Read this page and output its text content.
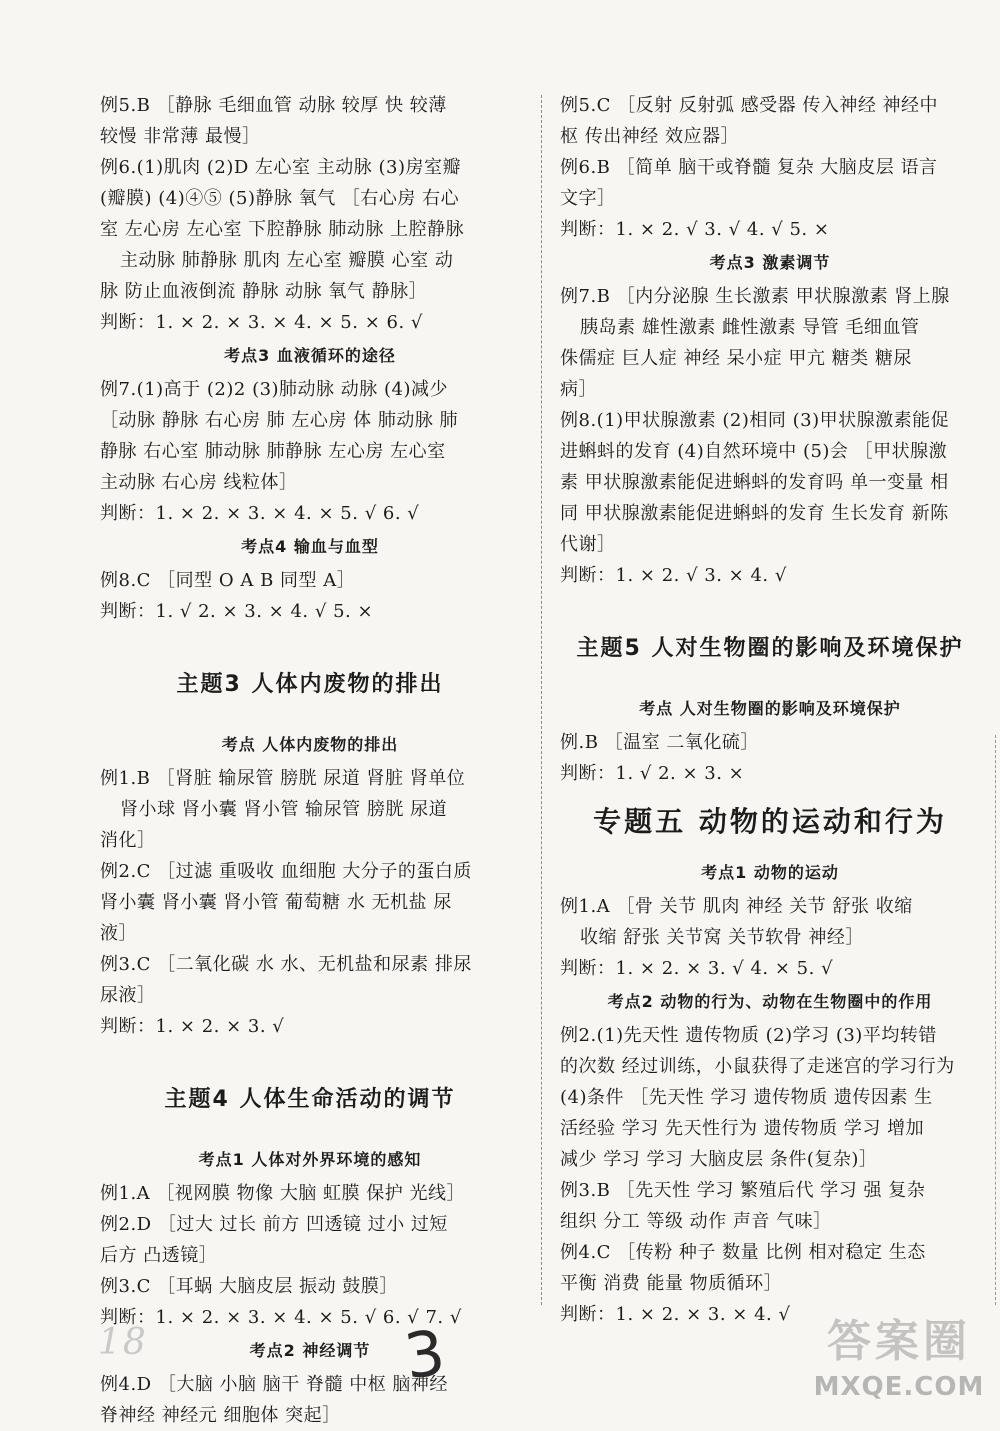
例5.B ［静脉 毛细血管 动脉 较厚 快 较薄
较慢 非常薄 最慢］
例6.(1)肌肉 (2)D 左心室 主动脉 (3)房室瓣
(瓣膜) (4)④⑤ (5)静脉 氧气 ［右心房 右心
室 左心房 左心室 下腔静脉 肺动脉 上腔静脉
主动脉 肺静脉 肌肉 左心室 瓣膜 心室 动
脉 防止血液倒流 静脉 动脉 氧气 静脉］
判断：1. × 2. × 3. × 4. × 5. × 6. √
考点3 血液循环的途径
例7.(1)高于 (2)2 (3)肺动脉 动脉 (4)减少
［动脉 静脉 右心房 肺 左心房 体 肺动脉 肺
静脉 右心室 肺动脉 肺静脉 左心房 左心室
主动脉 右心房 线粒体］
判断：1. × 2. × 3. × 4. × 5. √ 6. √
考点4 输血与血型
例8.C ［同型 O A B 同型 A］
判断：1. √ 2. × 3. × 4. √ 5. ×
主题3 人体内废物的排出
考点 人体内废物的排出
例1.B ［肾脏 输尿管 膀胱 尿道 肾脏 肾单位
肾小球 肾小囊 肾小管 输尿管 膀胱 尿道
消化］
例2.C ［过滤 重吸收 血细胞 大分子的蛋白质
肾小囊 肾小囊 肾小管 葡萄糖 水 无机盐 尿
液］
例3.C ［二氧化碳 水 水、无机盐和尿素 排尿
尿液］
判断：1. × 2. × 3. √
主题4 人体生命活动的调节
考点1 人体对外界环境的感知
例1.A ［视网膜 物像 大脑 虹膜 保护 光线］
例2.D ［过大 过长 前方 凹透镜 过小 过短
后方 凸透镜］
例3.C ［耳蜗 大脑皮层 振动 鼓膜］
判断：1. × 2. × 3. × 4. × 5. √ 6. √ 7. √
考点2 神经调节
例4.D ［大脑 小脑 脑干 脊髓 中枢 脑神经
脊神经 神经元 细胞体 突起］
例5.C ［反射 反射弧 感受器 传入神经 神经中
枢 传出神经 效应器］
例6.B ［简单 脑干或脊髓 复杂 大脑皮层 语言
文字］
判断：1. × 2. √ 3. √ 4. √ 5. ×
考点3 激素调节
例7.B ［内分泌腺 生长激素 甲状腺激素 肾上腺
胰岛素 雄性激素 雌性激素 导管 毛细血管
侏儒症 巨人症 神经 呆小症 甲亢 糖类 糖尿
病］
例8.(1)甲状腺激素 (2)相同 (3)甲状腺激素能促
进蝌蚪的发育 (4)自然环境中 (5)会 ［甲状腺激
素 甲状腺激素能促进蝌蚪的发育吗 单一变量 相
同 甲状腺激素能促进蝌蚪的发育 生长发育 新陈
代谢］
判断：1. × 2. √ 3. × 4. √
主题5 人对生物圈的影响及环境保护
考点 人对生物圈的影响及环境保护
例.B ［温室 二氧化硫］
判断：1. √ 2. × 3. ×
专题五 动物的运动和行为
考点1 动物的运动
例1.A ［骨 关节 肌肉 神经 关节 舒张 收缩
收缩 舒张 关节窝 关节软骨 神经］
判断：1. × 2. × 3. √ 4. × 5. √
考点2 动物的行为、动物在生物圈中的作用
例2.(1)先天性 遗传物质 (2)学习 (3)平均转错
的次数 经过训练，小鼠获得了走迷宫的学习行为
(4)条件 ［先天性 学习 遗传物质 遗传因素 生
活经验 学习 先天性行为 遗传物质 学习 增加
减少 学习 学习 大脑皮层 条件(复杂)］
例3.B ［先天性 学习 繁殖后代 学习 强 复杂
组织 分工 等级 动作 声音 气味］
例4.C ［传粉 种子 数量 比例 相对稳定 生态
平衡 消费 能量 物质循环］
判断：1. × 2. × 3. × 4. √
18	3	答案圈
MXQE.COM
